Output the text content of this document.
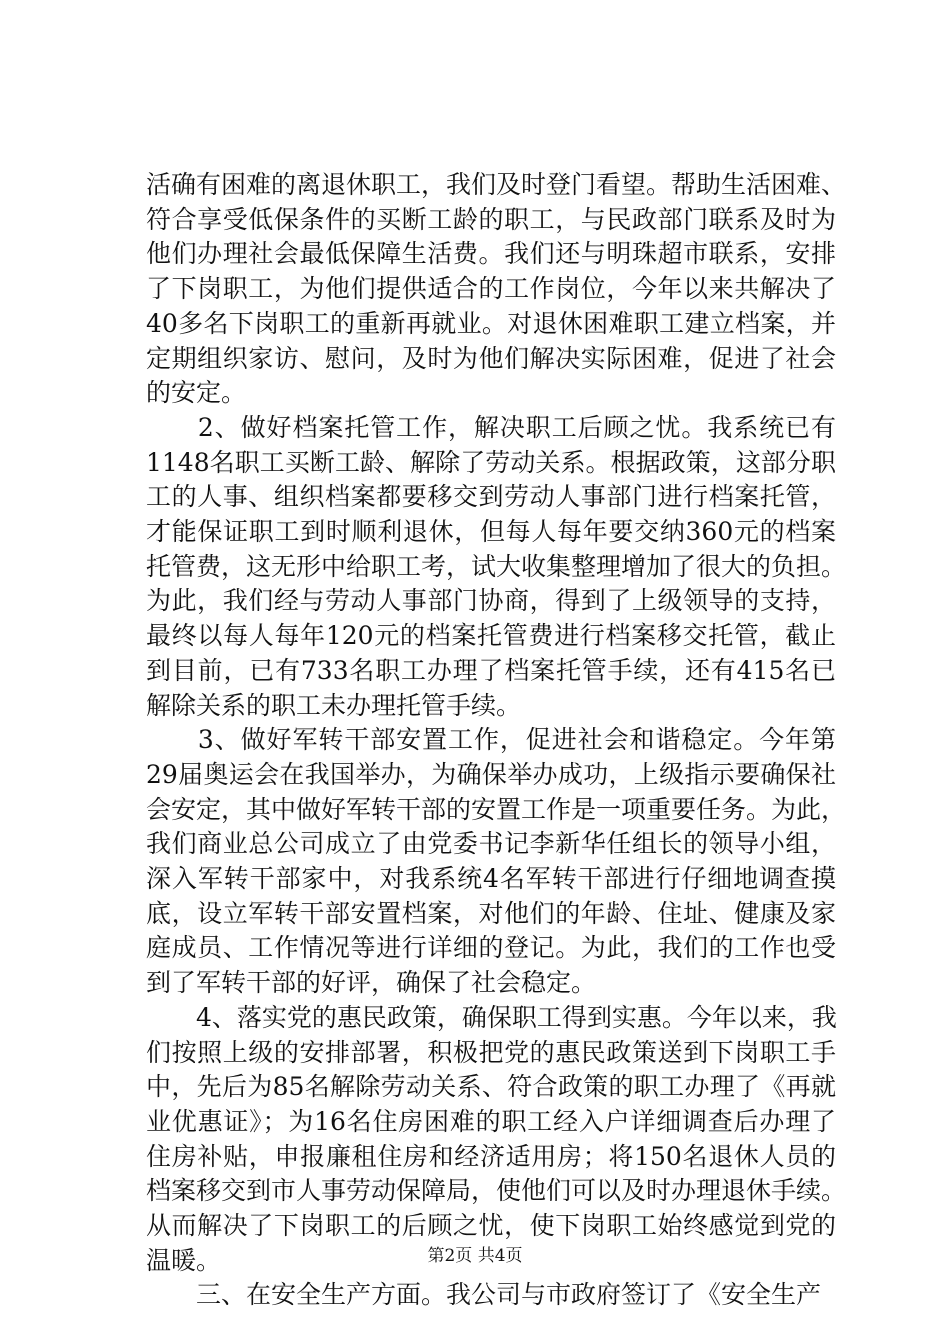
活确有困难的离退休职工，我们及时登门看望。帮助生活困难、
符合享受低保条件的买断工龄的职工，与民政部门联系及时为
他们办理社会最低保障生活费。我们还与明珠超市联系，安排
了下岗职工，为他们提供适合的工作岗位，今年以来共解决了
40多名下岗职工的重新再就业。对退休困难职工建立档案，并
定期组织家访、慰问，及时为他们解决实际困难，促进了社会
的安定。
　　2、做好档案托管工作，解决职工后顾之忧。我系统已有
1148名职工买断工龄、解除了劳动关系。根据政策，这部分职
工的人事、组织档案都要移交到劳动人事部门进行档案托管，
才能保证职工到时顺利退休，但每人每年要交纳360元的档案
托管费，这无形中给职工考，试大收集整理增加了很大的负担。
为此，我们经与劳动人事部门协商，得到了上级领导的支持，
最终以每人每年120元的档案托管费进行档案移交托管，截止
到目前，已有733名职工办理了档案托管手续，还有415名已
解除关系的职工未办理托管手续。
　　3、做好军转干部安置工作，促进社会和谐稳定。今年第
29届奥运会在我国举办，为确保举办成功，上级指示要确保社
会安定，其中做好军转干部的安置工作是一项重要任务。为此，
我们商业总公司成立了由党委书记李新华任组长的领导小组，
深入军转干部家中，对我系统4名军转干部进行仔细地调查摸
底，设立军转干部安置档案，对他们的年龄、住址、健康及家
庭成员、工作情况等进行详细的登记。为此，我们的工作也受
到了军转干部的好评，确保了社会稳定。
　　4、落实党的惠民政策，确保职工得到实惠。今年以来，我
们按照上级的安排部署，积极把党的惠民政策送到下岗职工手
中，先后为85名解除劳动关系、符合政策的职工办理了《再就
业优惠证》；为16名住房困难的职工经入户详细调查后办理了
住房补贴，申报廉租住房和经济适用房；将150名退休人员的
档案移交到市人事劳动保障局，使他们可以及时办理退休手续。
从而解决了下岗职工的后顾之忧，使下岗职工始终感觉到党的
温暖。
　　三、在安全生产方面。我公司与市政府签订了《安全生产
第2页 共4页
